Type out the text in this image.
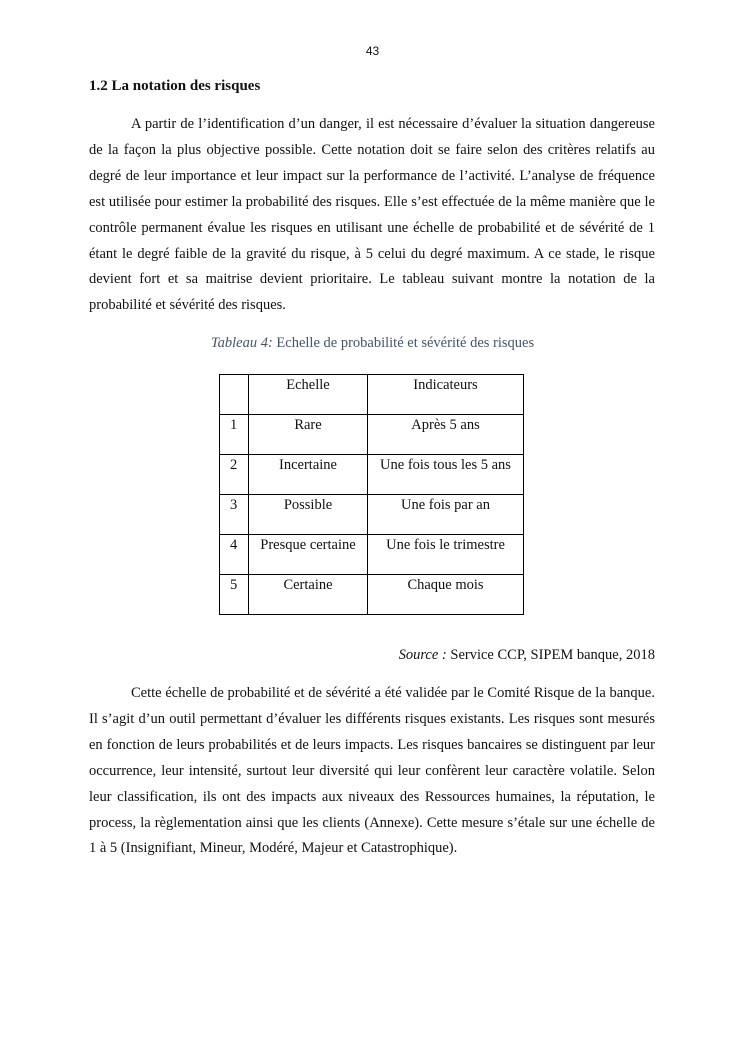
43
1.2 La notation des risques

A partir de l’identification d’un danger, il est nécessaire d’évaluer la situation dangereuse de la façon la plus objective possible. Cette notation doit se faire selon des critères relatifs au degré de leur importance et leur impact sur la performance de l’activité. L’analyse de fréquence est utilisée pour estimer la probabilité des risques. Elle s’est effectuée de la même manière que le contrôle permanent évalue les risques en utilisant une échelle de probabilité et de sévérité de 1 étant le degré faible de la gravité du risque, à 5 celui du degré maximum. A ce stade, le risque devient fort et sa maitrise devient prioritaire. Le tableau suivant montre la notation de la probabilité et sévérité des risques.

Tableau 4: Echelle de probabilité et sévérité des risques
	Echelle	Indicateurs
1	Rare	Après 5 ans
2	Incertaine	Une fois tous les 5 ans
3	Possible	Une fois par an
4	Presque certaine	Une fois le trimestre
5	Certaine	Chaque mois
Source : Service CCP, SIPEM banque, 2018

Cette échelle de probabilité et de sévérité a été validée par le Comité Risque de la banque. Il s’agit d’un outil permettant d’évaluer les différents risques existants. Les risques sont mesurés en fonction de leurs probabilités et de leurs impacts. Les risques bancaires se distinguent par leur occurrence, leur intensité, surtout leur diversité qui leur confèrent leur caractère volatile. Selon leur classification, ils ont des impacts aux niveaux des Ressources humaines, la réputation, le process, la règlementation ainsi que les clients (Annexe). Cette mesure s’étale sur une échelle de 1 à 5 (Insignifiant, Mineur, Modéré, Majeur et Catastrophique).
